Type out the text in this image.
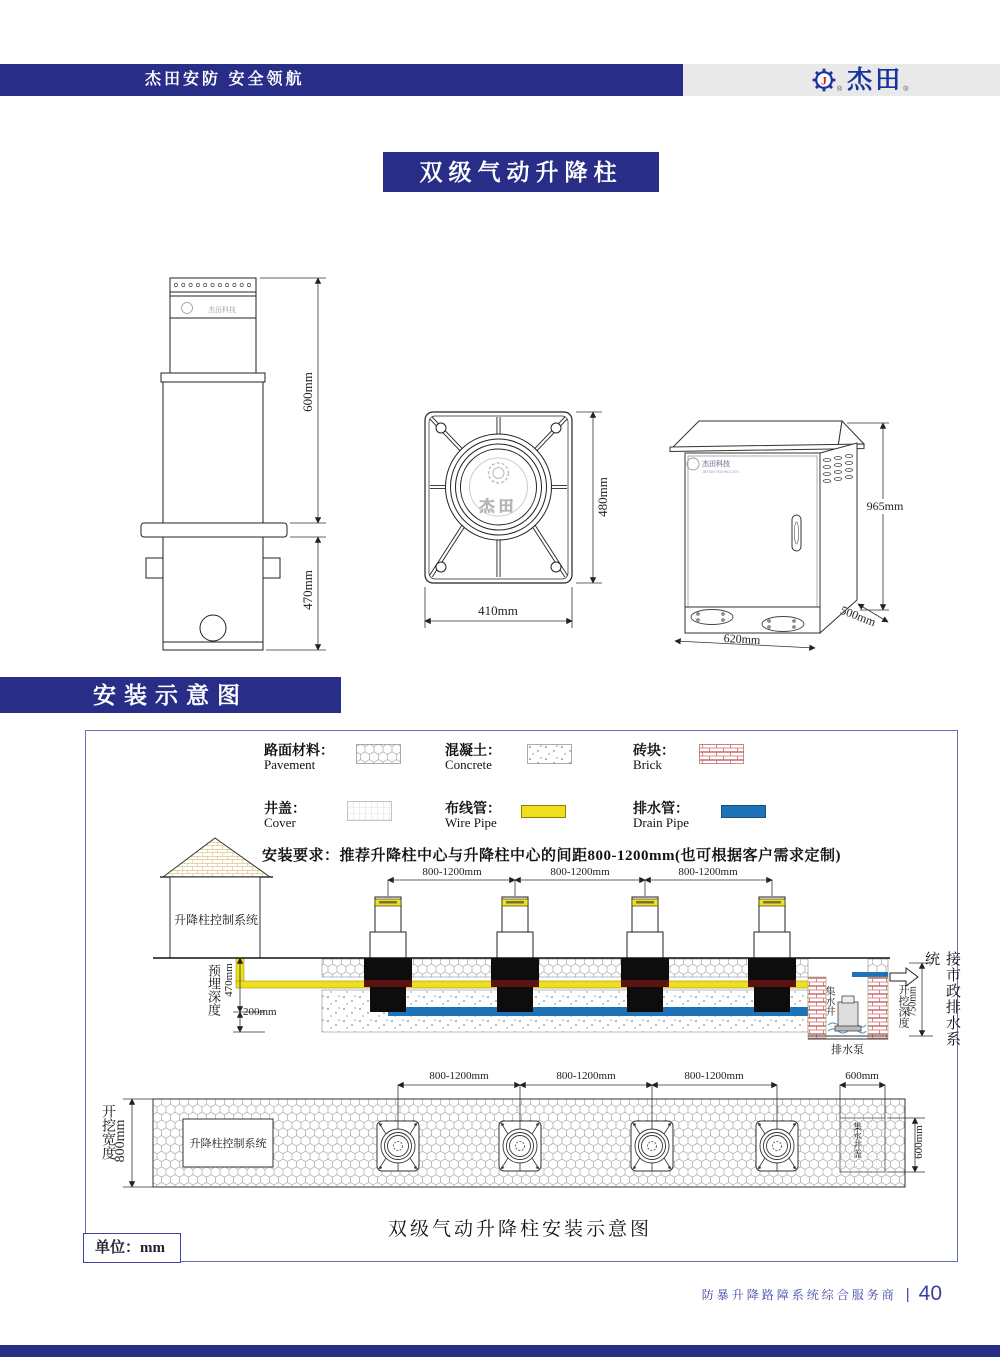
杰田安防 安全领航	J
® 杰田 ®
双级气动升降柱
杰田科技
600mm
470mm
杰田
410mm
480mm
杰田科技
JIETIAN TECHNOLOGY
965mm
500mm
620mm
安装示意图
路面材料：
Pavement
混凝土：
Concrete
砖块：
Brick
井盖：
Cover
布线管：
Wire Pipe
排水管：
Drain Pipe
安装要求：推荐升降柱中心与升降柱中心的间距800-1200mm(也可根据客户需求定制)
升降柱控制系统
800-1200mm	800-1200mm	800-1200mm
预埋深度 470mm
200mm	集水井
排水泵
开挖深度
750mm	接市政排水系统
开挖宽度
800mm	升降柱控制系统
800-1200mm	800-1200mm	800-1200mm	600mm
集水井盖	600mm
双级气动升降柱安装示意图
单位：mm
防暴升降路障系统综合服务商 | 40
